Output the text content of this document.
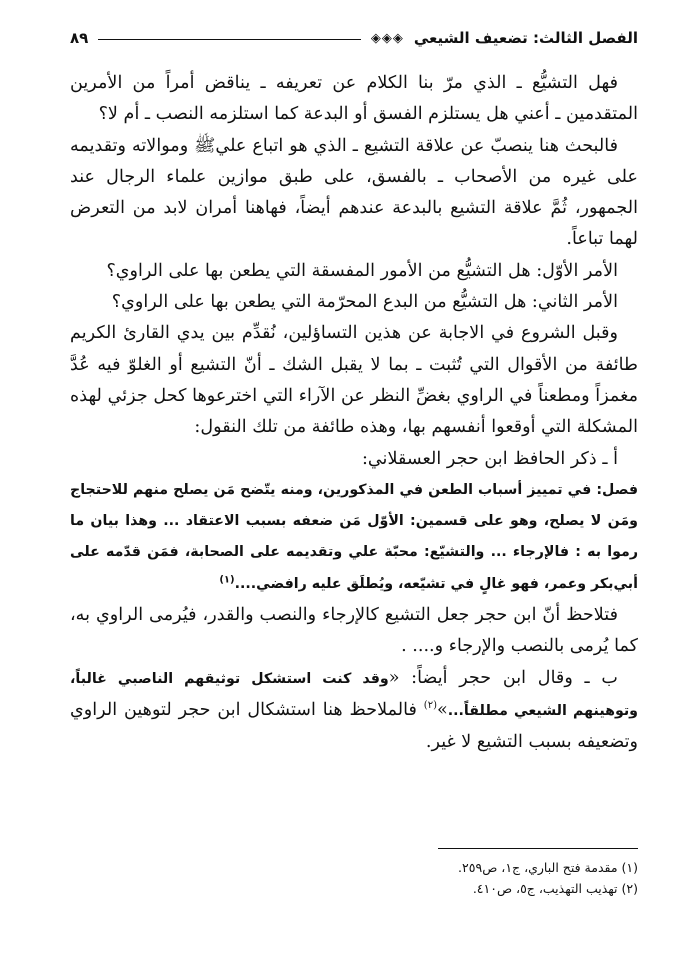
الفصل الثالث: تضعيف الشيعي
◈◈◈
٨٩

فهل التشيُّع ـ الذي مرّ بنا الكلام عن تعريفه ـ يناقض أمراً من الأمرين المتقدمين ـ أعني هل يستلزم الفسق أو البدعة كما استلزمه النصب ـ أم لا؟

فالبحث هنا ينصبّ عن علاقة التشيع ـ الذي هو اتباع عليﷺ وموالاته وتقديمه على غيره من الأصحاب ـ بالفسق، على طبق موازين علماء الرجال عند الجمهور، ثُمَّ علاقة التشيع بالبدعة عندهم أيضاً، فهاهنا أمران لابد من التعرض لهما تباعاً.

الأمر الأوّل: هل التشيُّع من الأمور المفسقة التي يطعن بها على الراوي؟

الأمر الثاني: هل التشيُّع من البدع المحرّمة التي يطعن بها على الراوي؟

وقبل الشروع في الاجابة عن هذين التساؤلين، نُقدِّم بين يدي القارئ الكريم طائفة من الأقوال التي تُثبت ـ بما لا يقبل الشك ـ أنّ التشيع أو الغلوّ فيه عُدَّ مغمزاً ومطعناً في الراوي بغضِّ النظر عن الآراء التي اخترعوها كحل جزئي لهذه المشكلة التي أوقعوا أنفسهم بها، وهذه طائفة من تلك النقول:

أ ـ ذكر الحافظ ابن حجر العسقلاني:

فصل: في تمييز أسباب الطعن في المذكورين، ومنه يتّضح مَن يصلح منهم للاحتجاج ومَن لا يصلح، وهو على قسمين: الأوّل مَن ضعفه بسبب الاعتقاد ... وهذا بيان ما رموا به : فالإرجاء ... والتشيّع: محبّة علي وتقديمه على الصحابة، فمَن قدّمه على أبي‌بكر وعمر، فهو غالٍ في تشيّعه، ويُطلَق عليه رافضي....$^{(١)}$

فتلاحظ أنّ ابن حجر جعل التشيع كالإرجاء والنصب والقدر، فيُرمى الراوي به، كما يُرمى بالنصب والإرجاء و.... .

ب ـ وقال ابن حجر أيضاً: «وقد كنت استشكل توثيقهم الناصبي غالباً، وتوهينهم الشيعي مطلقاً...»$^{(٢)}$ فالملاحظ هنا استشكال ابن حجر لتوهين الراوي وتضعيفه بسبب التشيع لا غير.

(١) مقدمة فتح الباري، ج١، ص٢٥٩.

(٢) تهذيب التهذيب، ج٥، ص٤١٠.
